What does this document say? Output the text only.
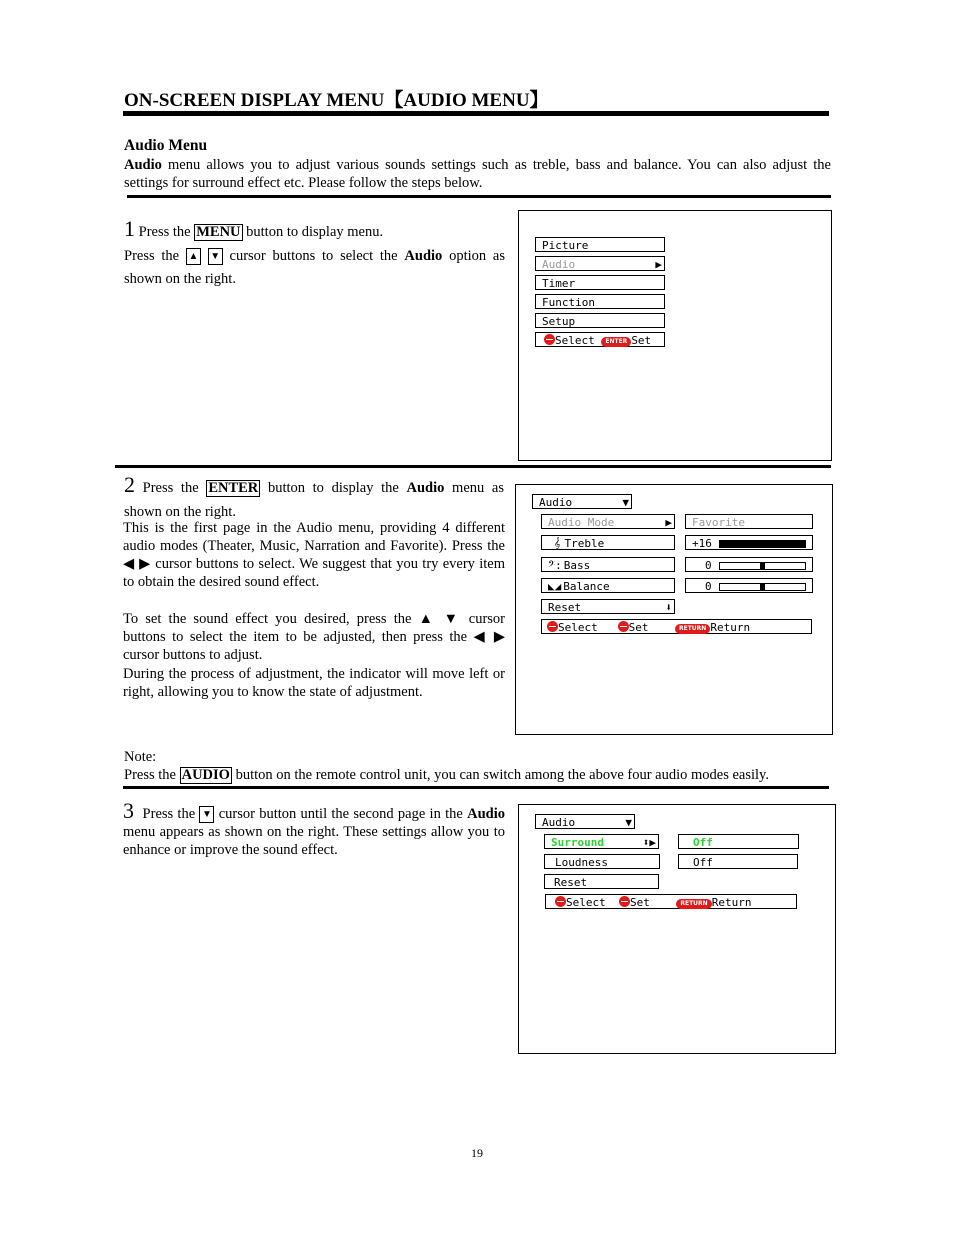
ON-SCREEN DISPLAY MENU【AUDIO MENU】
Audio Menu
Audio menu allows you to adjust various sounds settings such as treble, bass and balance. You can also adjust the settings for surround effect etc. Please follow the steps below.
1 Press the MENU button to display menu.
Press the ▲ ▼ cursor buttons to select the Audio option as shown on the right.
Picture
Audio	▶
Timer
Function
Setup
Select ENTER Set
2 Press the ENTER button to display the Audio menu as shown on the right.
This is the first page in the Audio menu, providing 4 different audio modes (Theater, Music, Narration and Favorite). Press the ◀ ▶ cursor buttons to select. We suggest that you try every item to obtain the desired sound effect.
To set the sound effect you desired, press the ▲ ▼ cursor buttons to select the item to be adjusted, then press the ◀ ▶ cursor buttons to adjust.
During the process of adjustment, the indicator will move left or right, allowing you to know the state of adjustment.
Audio	▼
Audio Mode	▶	Favorite
𝄞 Treble	+16
𝄢: Bass	0
◣◢ Balance	0
Reset	⬇
Select	Set	RETURN Return
Note:
Press the AUDIO button on the remote control unit, you can switch among the above four audio modes easily.
3 Press the ▼ cursor button until the second page in the Audio menu appears as shown on the right. These settings allow you to enhance or improve the sound effect.
Audio	▼
Surround	⬍▶	Off
Loudness	Off
Reset
Select Set	RETURN Return
19
